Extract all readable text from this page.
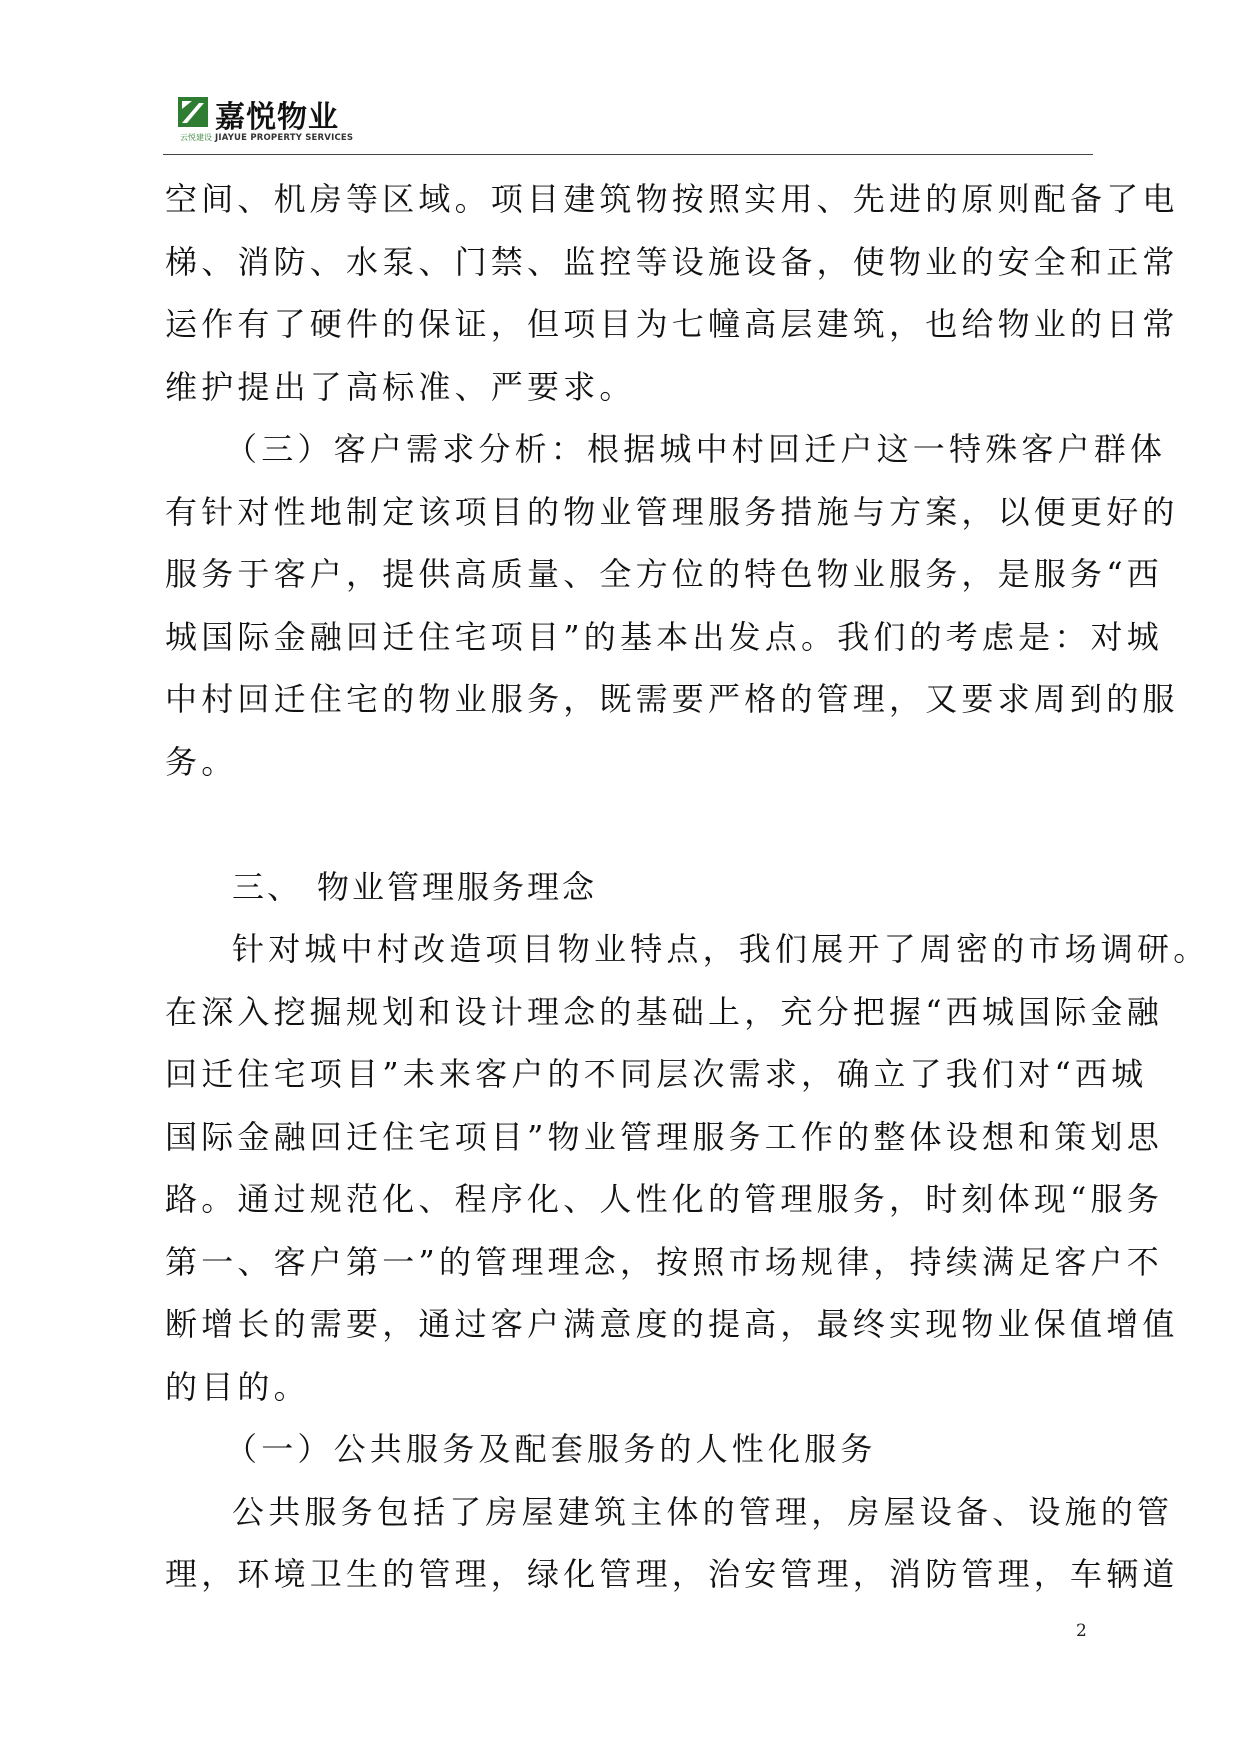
嘉悦物业
云悦建设 JIAYUE PROPERTY SERVICES
空间、机房等区域。项目建筑物按照实用、先进的原则配备了电
梯、消防、水泵、门禁、监控等设施设备，使物业的安全和正常
运作有了硬件的保证，但项目为七幢高层建筑，也给物业的日常
维护提出了高标准、严要求。
（三）客户需求分析：根据城中村回迁户这一特殊客户群体
有针对性地制定该项目的物业管理服务措施与方案，以便更好的
服务于客户，提供高质量、全方位的特色物业服务，是服务“西
城国际金融回迁住宅项目”的基本出发点。我们的考虑是：对城
中村回迁住宅的物业服务，既需要严格的管理，又要求周到的服
务。
三、 物业管理服务理念
针对城中村改造项目物业特点，我们展开了周密的市场调研。
在深入挖掘规划和设计理念的基础上，充分把握“西城国际金融
回迁住宅项目”未来客户的不同层次需求，确立了我们对“西城
国际金融回迁住宅项目”物业管理服务工作的整体设想和策划思
路。通过规范化、程序化、人性化的管理服务，时刻体现“服务
第一、客户第一”的管理理念，按照市场规律，持续满足客户不
断增长的需要，通过客户满意度的提高，最终实现物业保值增值
的目的。
（一）公共服务及配套服务的人性化服务
公共服务包括了房屋建筑主体的管理，房屋设备、设施的管
理，环境卫生的管理，绿化管理，治安管理，消防管理，车辆道
2
